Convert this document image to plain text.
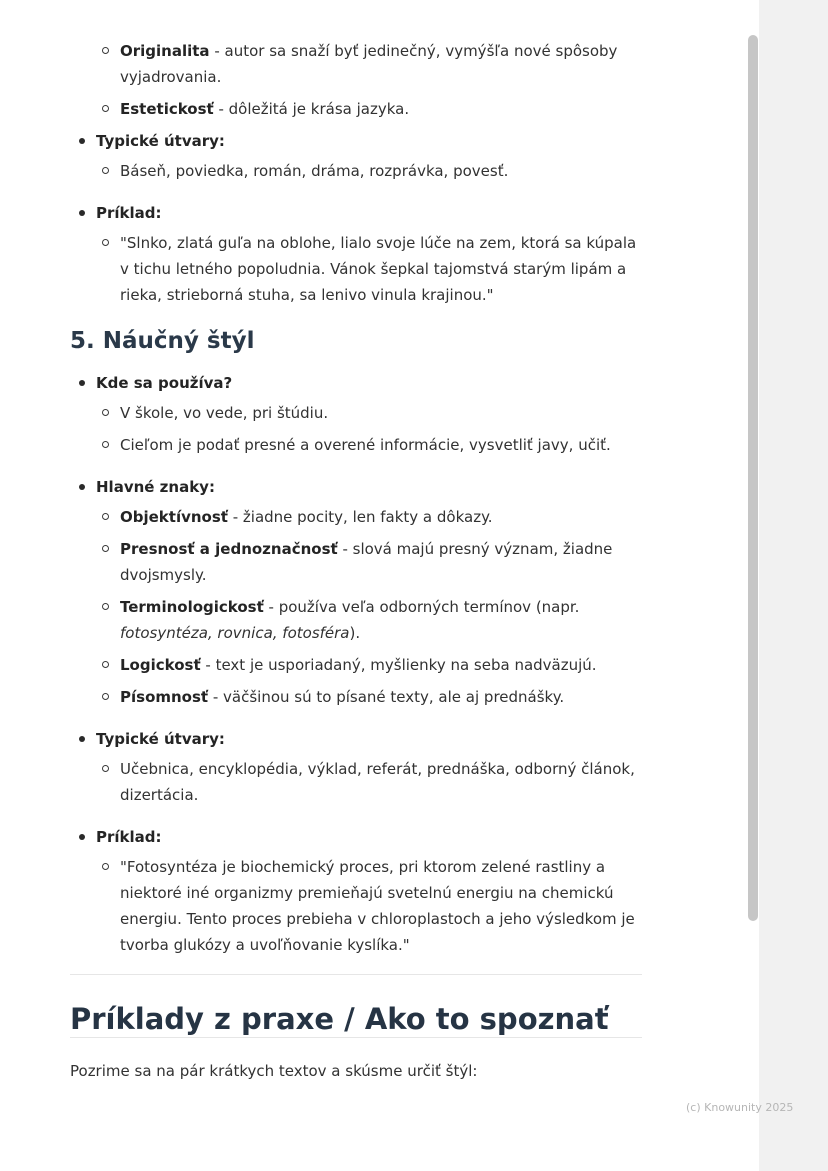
Originalita - autor sa snaží byť jedinečný, vymýšľa nové spôsoby vyjadrovania.
Estetickosť - dôležitá je krása jazyka.
Typické útvary:
Báseň, poviedka, román, dráma, rozprávka, povesť.
Príklad:
"Slnko, zlatá guľa na oblohe, lialo svoje lúče na zem, ktorá sa kúpala v tichu letného popoludnia. Vánok šepkal tajomstvá starým lipám a rieka, strieborná stuha, sa lenivo vinula krajinou."
5. Náučný štýl
Kde sa používa?
V škole, vo vede, pri štúdiu.
Cieľom je podať presné a overené informácie, vysvetliť javy, učiť.
Hlavné znaky:
Objektívnosť - žiadne pocity, len fakty a dôkazy.
Presnosť a jednoznačnosť - slová majú presný význam, žiadne dvojsmysly.
Terminologickosť - používa veľa odborných termínov (napr. fotosyntéza, rovnica, fotosféra).
Logickosť - text je usporiadaný, myšlienky na seba nadväzujú.
Písomnosť - väčšinou sú to písané texty, ale aj prednášky.
Typické útvary:
Učebnica, encyklopédia, výklad, referát, prednáška, odborný článok, dizertácia.
Príklad:
"Fotosyntéza je biochemický proces, pri ktorom zelené rastliny a niektoré iné organizmy premieňajú svetelnú energiu na chemickú energiu. Tento proces prebieha v chloroplastoch a jeho výsledkom je tvorba glukózy a uvoľňovanie kyslíka."
Príklady z praxe / Ako to spoznať

Pozrime sa na pár krátkych textov a skúsme určiť štýl:

(c) Knowunity 2025
